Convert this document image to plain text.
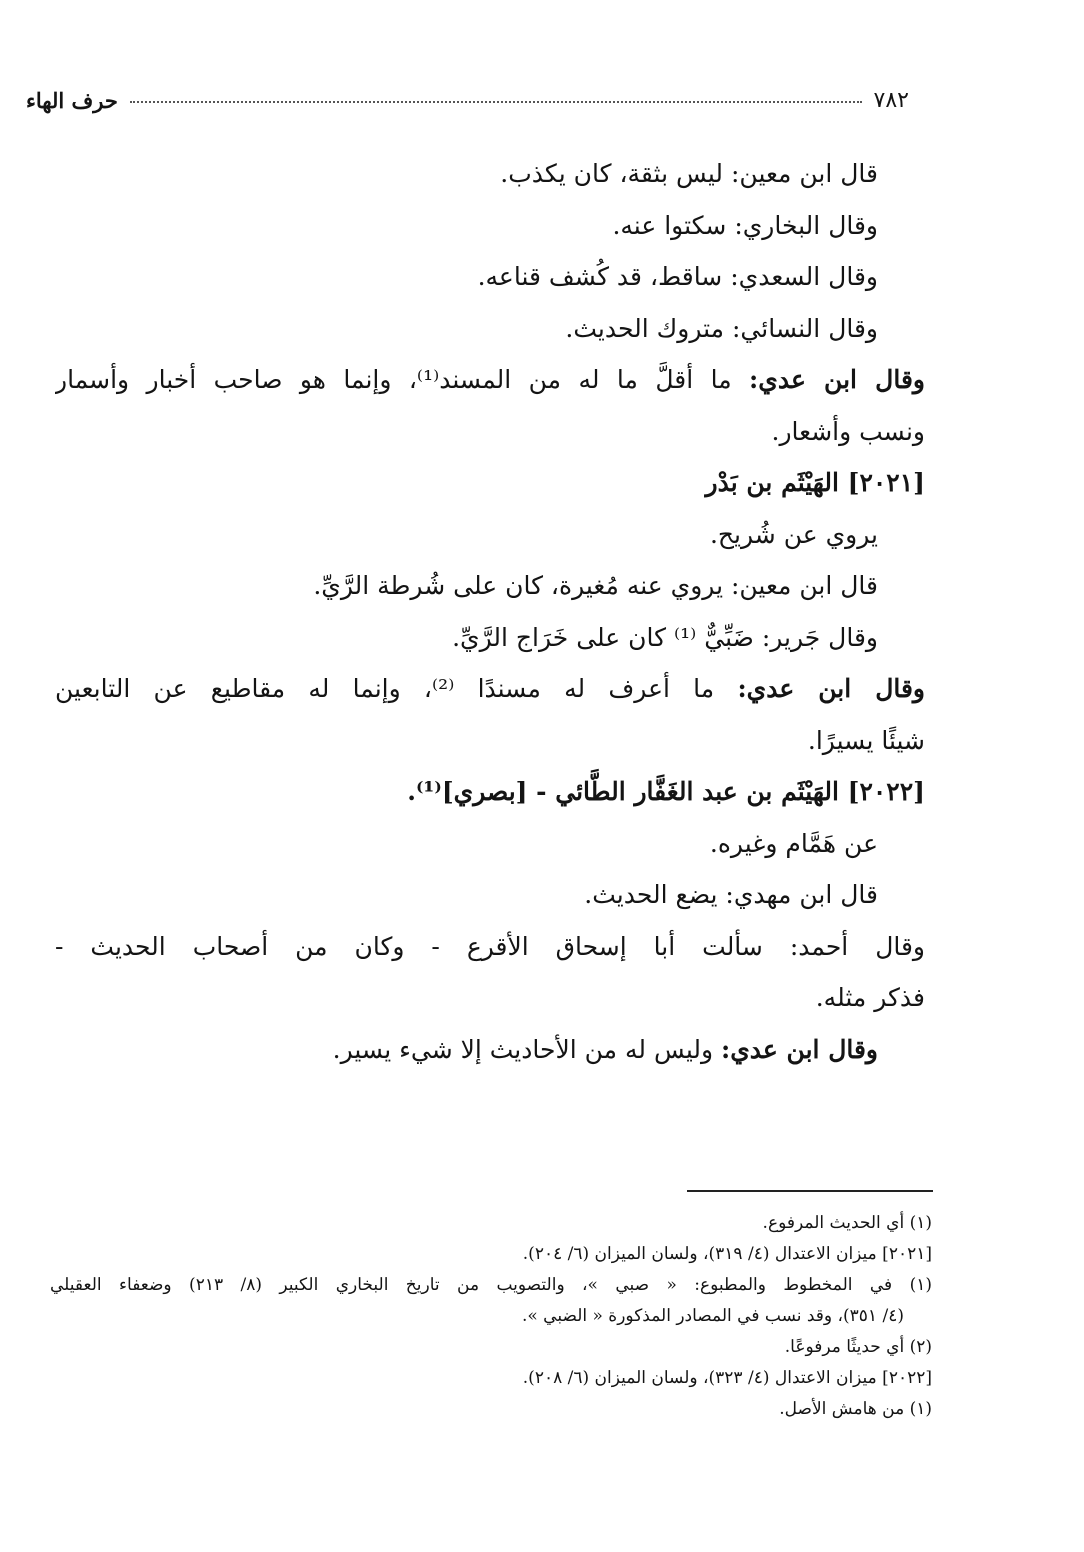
٧٨٢
حرف الهاء
قال ابن معين: ليس بثقة، كان يكذب.
وقال البخاري: سكتوا عنه.
وقال السعدي: ساقط، قد كُشف قناعه.
وقال النسائي: متروك الحديث.
وقال ابن عدي: ما أقلَّ ما له من المسند⁽¹⁾، وإنما هو صاحب أخبار وأسمار
ونسب وأشعار.
[٢٠٢١] الهَيْثَم بن بَدْر
يروي عن شُريح.
قال ابن معين: يروي عنه مُغيرة، كان على شُرطة الرَّيِّ.
وقال جَرير: ضَبِّيٌّ ⁽¹⁾ كان على خَرَاج الرَّيِّ.
وقال ابن عدي: ما أعرف له مسندًا ⁽²⁾، وإنما له مقاطيع عن التابعين
شيئًا يسيرًا.
[٢٠٢٢] الهَيْثَم بن عبد الغَفَّار الطَّائي - [بصري]⁽¹⁾.
عن هَمَّام وغيره.
قال ابن مهدي: يضع الحديث.
وقال أحمد: سألت أبا إسحاق الأقرع - وكان من أصحاب الحديث -
فذكر مثله.
وقال ابن عدي: وليس له من الأحاديث إلا شيء يسير.
(١) أي الحديث المرفوع.
[٢٠٢١] ميزان الاعتدال (٤/ ٣١٩)، ولسان الميزان (٦/ ٢٠٤).
(١) في المخطوط والمطبوع: « صبي »، والتصويب من تاريخ البخاري الكبير (٨/ ٢١٣) وضعفاء العقيلي
(٤/ ٣٥١)، وقد نسب في المصادر المذكورة « الضبي ».
(٢) أي حديثًا مرفوعًا.
[٢٠٢٢] ميزان الاعتدال (٤/ ٣٢٣)، ولسان الميزان (٦/ ٢٠٨).
(١) من هامش الأصل.
